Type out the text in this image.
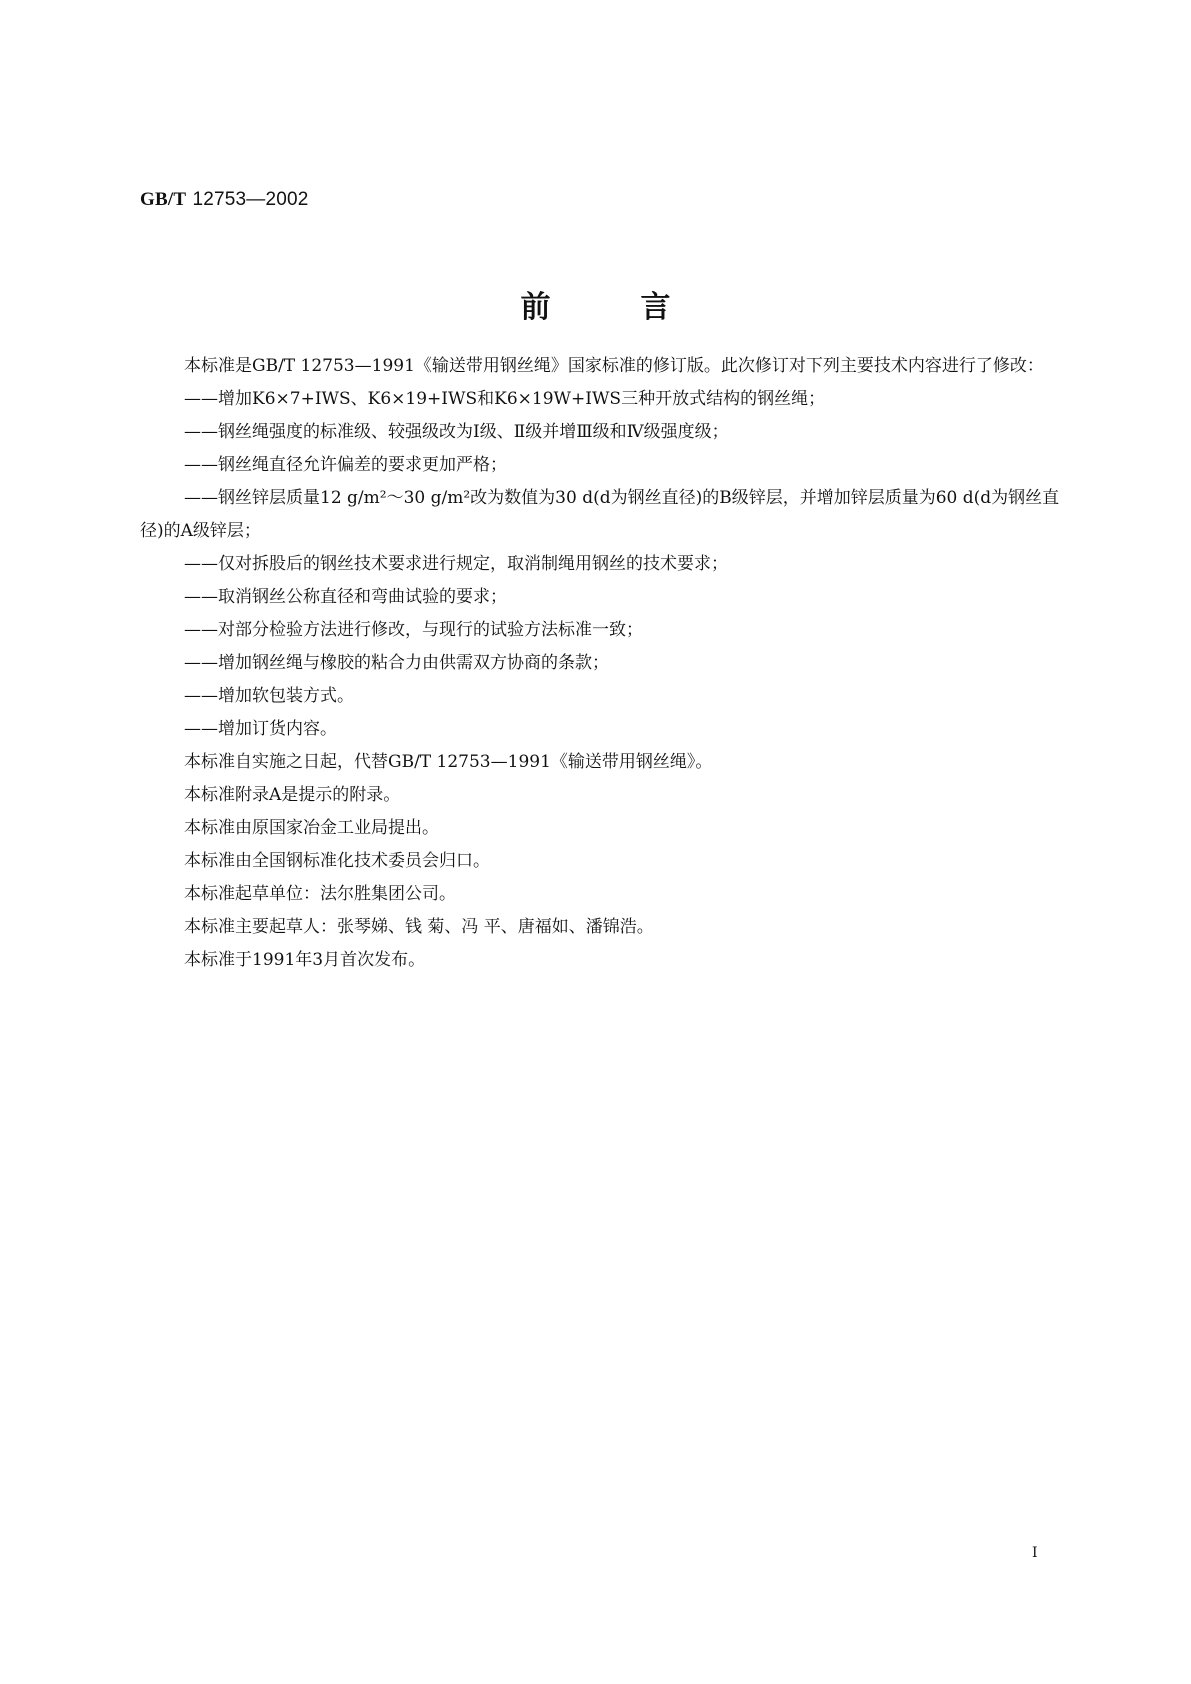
GB/T 12753—2002
前言

本标准是GB/T 12753—1991《输送带用钢丝绳》国家标准的修订版。此次修订对下列主要技术内容进行了修改：

——增加K6×7+IWS、K6×19+IWS和K6×19W+IWS三种开放式结构的钢丝绳；

——钢丝绳强度的标准级、较强级改为Ⅰ级、Ⅱ级并增Ⅲ级和Ⅳ级强度级；

——钢丝绳直径允许偏差的要求更加严格；

——钢丝锌层质量12 g/m²～30 g/m²改为数值为30 d(d为钢丝直径)的B级锌层，并增加锌层质量为60 d(d为钢丝直径)的A级锌层；

——仅对拆股后的钢丝技术要求进行规定，取消制绳用钢丝的技术要求；

——取消钢丝公称直径和弯曲试验的要求；

——对部分检验方法进行修改，与现行的试验方法标准一致；

——增加钢丝绳与橡胶的粘合力由供需双方协商的条款；

——增加软包装方式。

——增加订货内容。

本标准自实施之日起，代替GB/T 12753—1991《输送带用钢丝绳》。

本标准附录A是提示的附录。

本标准由原国家冶金工业局提出。

本标准由全国钢标准化技术委员会归口。

本标准起草单位：法尔胜集团公司。

本标准主要起草人：张琴娣、钱 菊、冯 平、唐福如、潘锦浩。

本标准于1991年3月首次发布。

I
